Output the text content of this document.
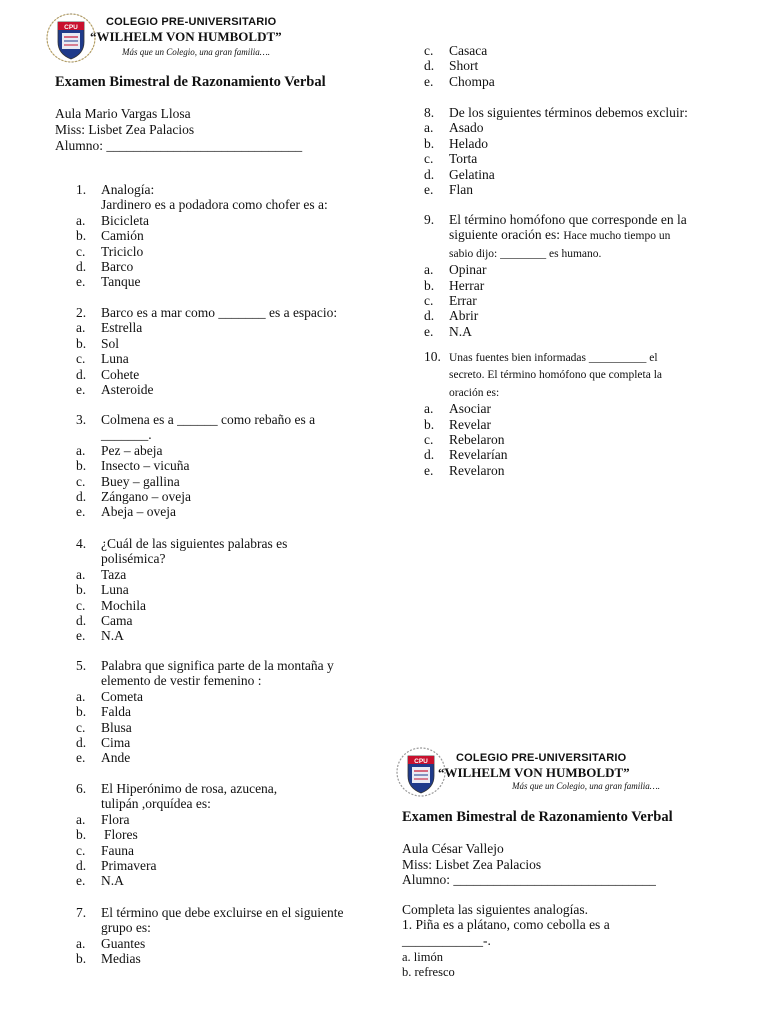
CPU	COLEGIO PRE-UNIVERSITARIO
“WILHELM VON HUMBOLDT”
Más que un Colegio, una gran familia….
Examen Bimestral de Razonamiento Verbal
Aula Mario Vargas Llosa
Miss: Lisbet Zea Palacios
Alumno: _____________________________
1. Analogía:
Jardinero es a podadora como chofer es a:
a. Bicicleta
b. Camión
c. Triciclo
d. Barco
e. Tanque
2. Barco es a mar como _______ es a espacio:
a. Estrella
b. Sol
c. Luna
d. Cohete
e. Asteroide
3. Colmena es a ______ como rebaño es a
_______.
a. Pez – abeja
b. Insecto – vicuña
c. Buey – gallina
d. Zángano – oveja
e. Abeja – oveja
4. ¿Cuál de las siguientes palabras es
polisémica?
a. Taza
b. Luna
c. Mochila
d. Cama
e. N.A
5. Palabra que significa parte de la montaña y
elemento de vestir femenino :
a. Cometa
b. Falda
c. Blusa
d. Cima
e. Ande
6. El Hiperónimo de rosa, azucena,
tulipán ,orquídea es:
a. Flora
b. Flores
c. Fauna
d. Primavera
e. N.A
7. El término que debe excluirse en el siguiente
grupo es:
a. Guantes
b. Medias
c. Casaca
d. Short
e. Chompa
8. De los siguientes términos debemos excluir:
a. Asado
b. Helado
c. Torta
d. Gelatina
e. Flan
9. El término homófono que corresponde en la
siguiente oración es: Hace mucho tiempo un
sabio dijo: ________ es humano.
a. Opinar
b. Herrar
c. Errar
d. Abrir
e. N.A
10. Unas fuentes bien informadas __________ el
secreto. El término homófono que completa la
oración es:
a. Asociar
b. Revelar
c. Rebelaron
d. Revelarían
e. Revelaron
CPU	COLEGIO PRE-UNIVERSITARIO
“WILHELM VON HUMBOLDT”
Más que un Colegio, una gran familia….
Examen Bimestral de Razonamiento Verbal
Aula César Vallejo
Miss: Lisbet Zea Palacios
Alumno: ______________________________
Completa las siguientes analogías.
1. Piña es a plátano, como cebolla es a
____________-.
a. limón
b. refresco
